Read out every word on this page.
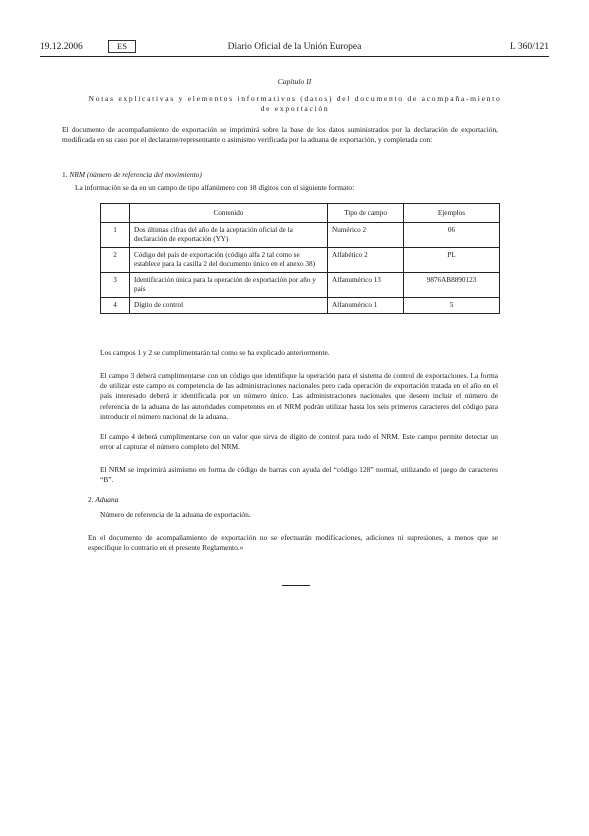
19.12.2006	ES	Diario Oficial de la Unión Europea	L 360/121
Capítulo II
Notas explicativas y elementos informativos (datos) del documento de acompaña-miento de exportación
El documento de acompañamiento de exportación se imprimirá sobre la base de los datos suministrados por la declaración de exportación, modificada en su caso por el declarante/representante o asimismo verificada por la aduana de exportación, y completada con:
1. NRM (número de referencia del movimiento)
La información se da en un campo de tipo alfanúmero con 18 dígitos con el siguiente formato:
	Contenido	Tipo de campo	Ejemplos
1	Dos últimas cifras del año de la aceptación oficial de la declaración de exportación (YY)	Numérico 2	06
2	Código del país de exportación (código alfa 2 tal como se establece para la casilla 2 del documento único en el anexo 38)	Alfabético 2	PL
3	Identificación única para la operación de exportación por año y país	Alfanumérico 13	9876AB8890123
4	Dígito de control	Alfanumérico 1	5
Los campos 1 y 2 se cumplimentarán tal como se ha explicado anteriormente.
El campo 3 deberá cumplimentarse con un código que identifique la operación para el sistema de control de exportaciones. La forma de utilizar este campo es competencia de las administraciones nacionales pero cada operación de exportación tratada en el año en el país interesado deberá ir identificada por un número único. Las administraciones nacionales que deseen incluir el número de referencia de la aduana de las autoridades competentes en el NRM podrán utilizar hasta los seis primeros caracteres del código para introducir el número nacional de la aduana.
El campo 4 deberá cumplimentarse con un valor que sirva de dígito de control para todo el NRM. Este campo permite detectar un error al capturar el número completo del NRM.
El NRM se imprimirá asimismo en forma de código de barras con ayuda del “código 128” normal, utilizando el juego de caracteres “B”.
2. Aduana
Número de referencia de la aduana de exportación.
En el documento de acompañamiento de exportación no se efectuarán modificaciones, adiciones ni supresiones, a menos que se especifique lo contrario en el presente Reglamento.»
